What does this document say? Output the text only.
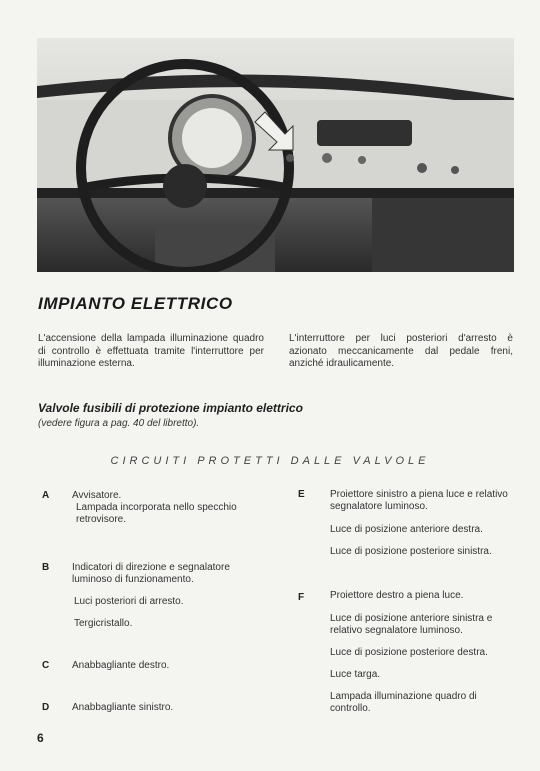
IMPIANTO ELETTRICO
L'accensione della lampada illuminazione quadro di controllo è effettuata tramite l'interruttore per illuminazione esterna.
L'interruttore per luci posteriori d'arresto è azionato meccanicamente dal pedale freni, anziché idraulicamente.
Valvole fusibili di protezione impianto elettrico
(vedere figura a pag. 40 del libretto).
CIRCUITI PROTETTI DALLE VALVOLE
A Avvisatore.
Lampada incorporata nello specchio retrovisore.
B Indicatori di direzione e segnalatore luminoso di funzionamento.
Luci posteriori di arresto.
Tergicristallo.
C Anabbagliante destro.
D Anabbagliante sinistro.
E	Proiettore sinistro a piena luce e relativo segnalatore luminoso.
Luce di posizione anteriore destra.
Luce di posizione posteriore sinistra.
F	Proiettore destro a piena luce.
Luce di posizione anteriore sinistra e relativo segnalatore luminoso.
Luce di posizione posteriore destra.
Luce targa.
Lampada illuminazione quadro di controllo.
6
